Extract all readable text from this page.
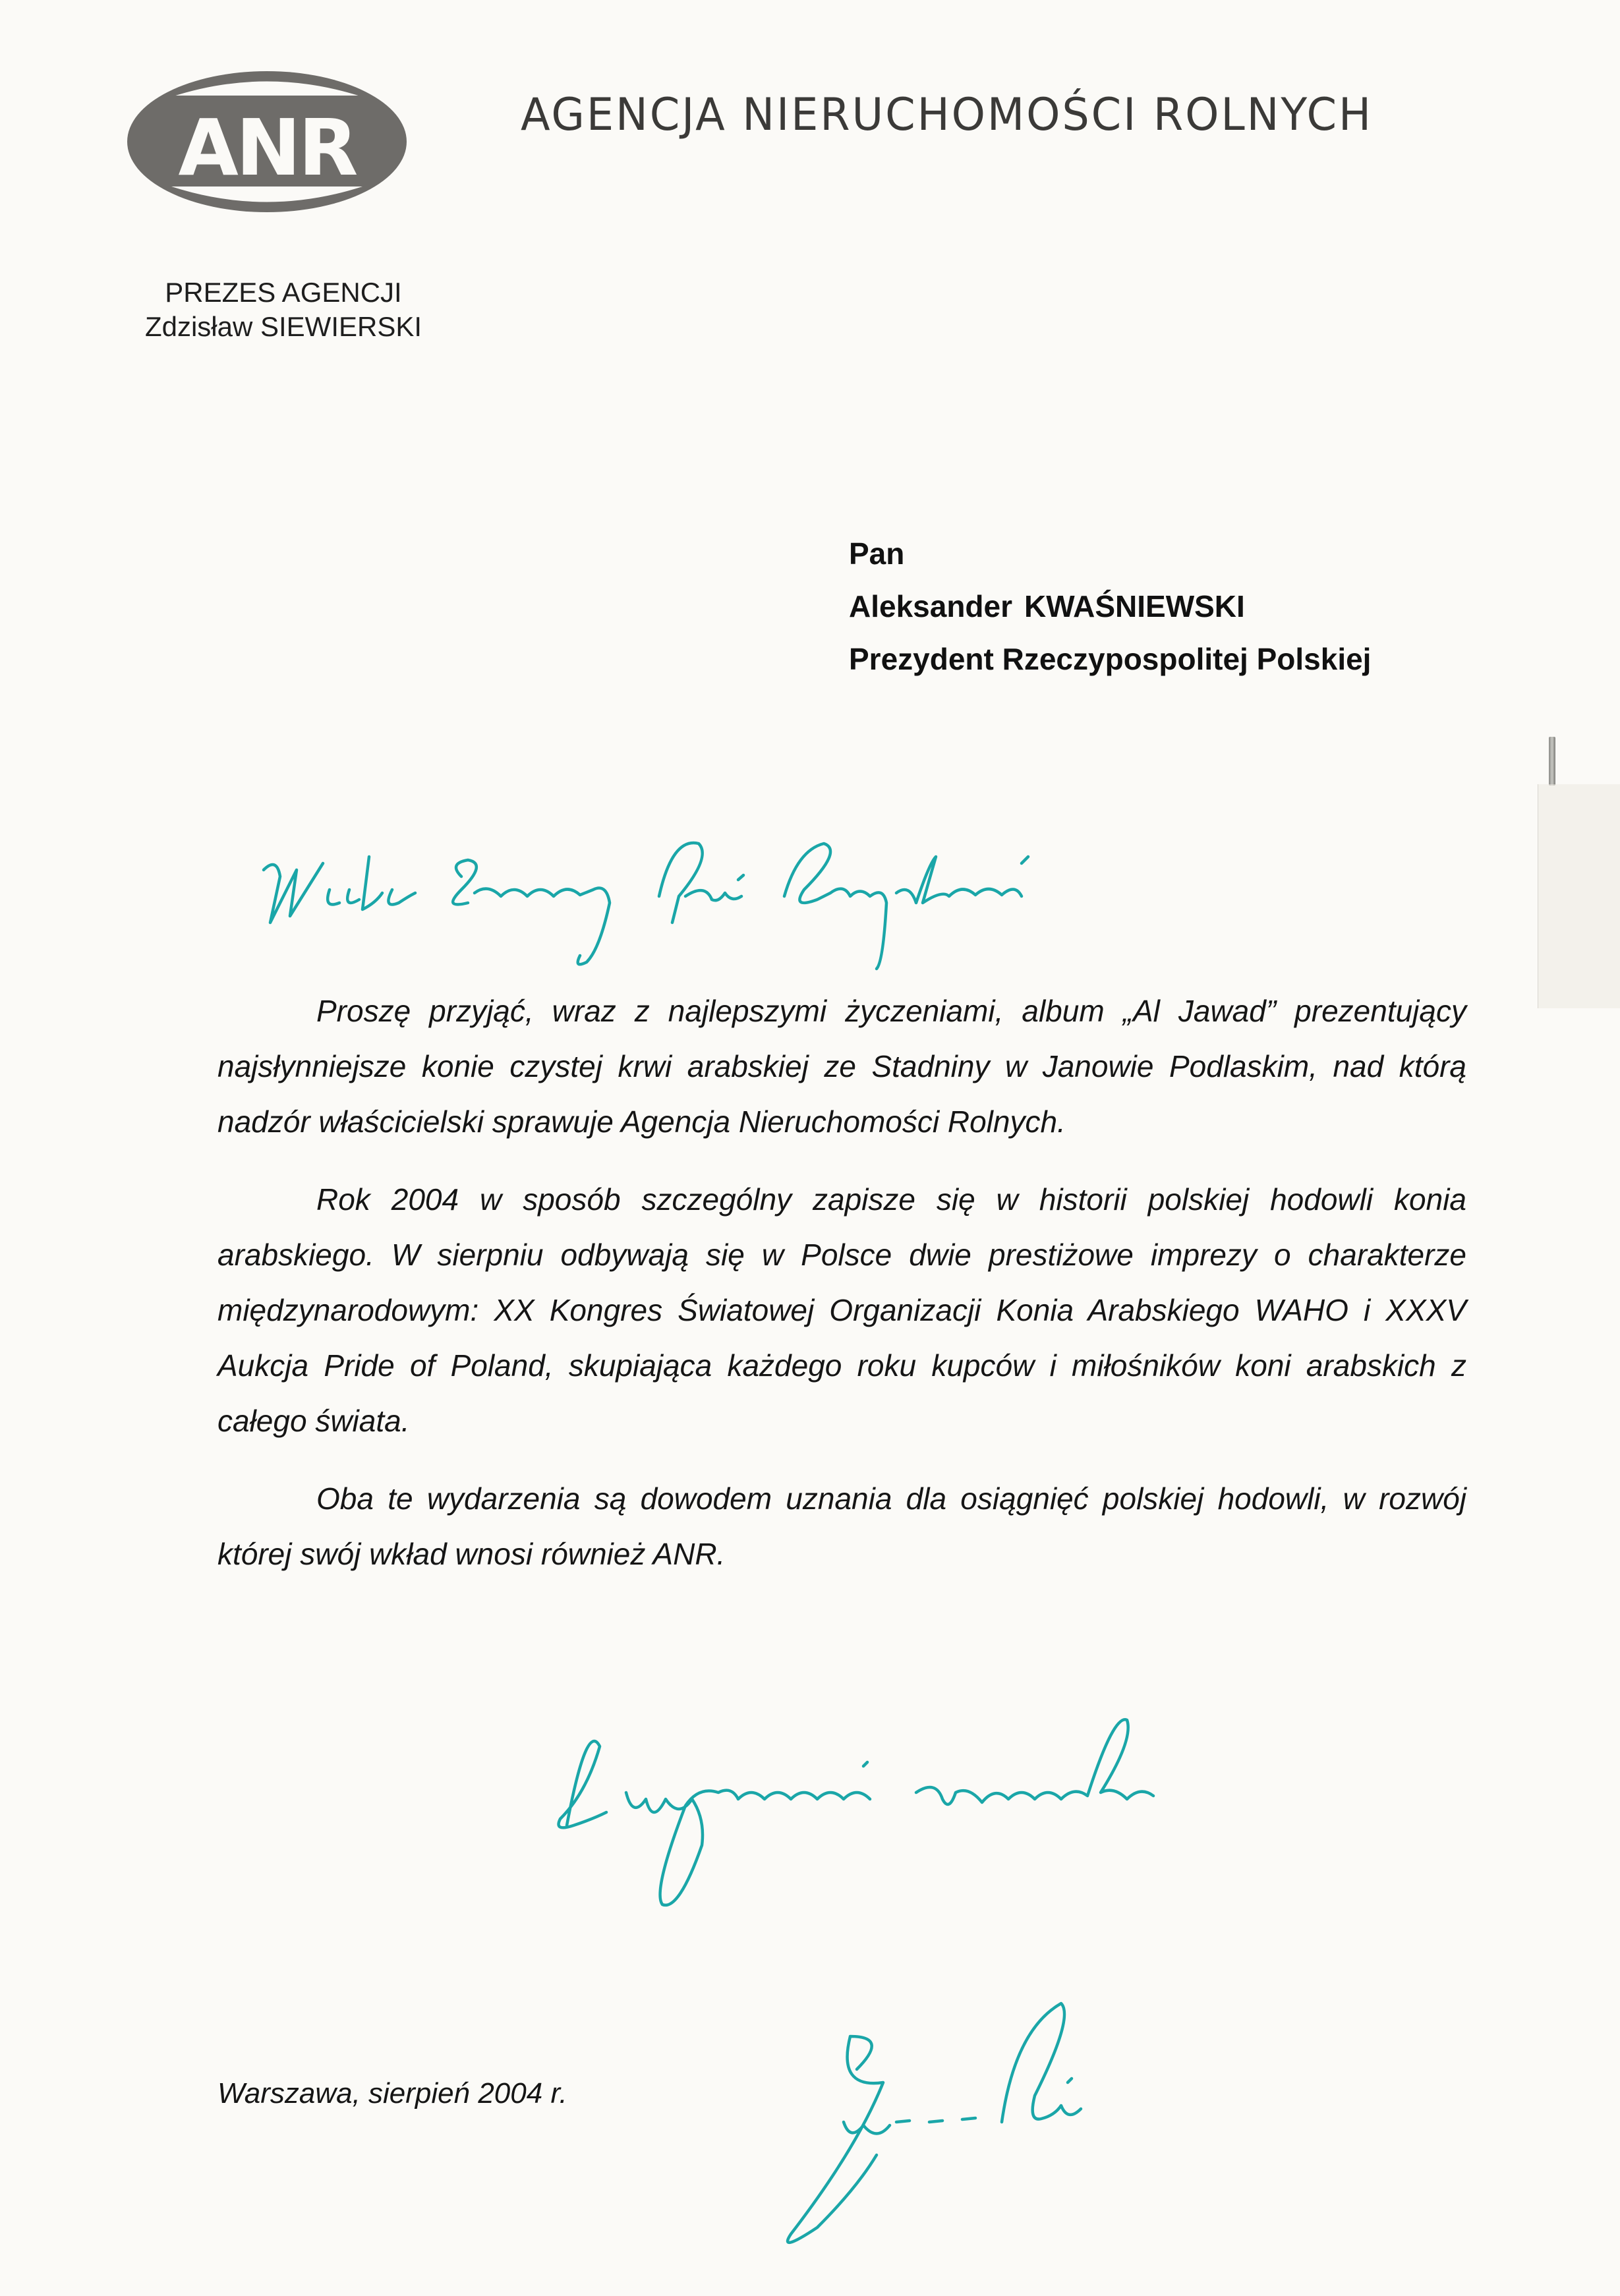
ANR	AGENCJA NIERUCHOMOŚCI ROLNYCH
PREZES AGENCJI
Zdzisław SIEWIERSKI
Pan
Aleksander KWAŚNIEWSKI
Prezydent Rzeczypospolitej Polskiej

Proszę przyjąć, wraz z najlepszymi życzeniami, album „Al Jawad” prezentujący najsłynniejsze konie czystej krwi arabskiej ze Stadniny w Janowie Podlaskim, nad którą nadzór właścicielski sprawuje Agencja Nieruchomości Rolnych.

Rok 2004 w sposób szczególny zapisze się w historii polskiej hodowli konia arabskiego. W sierpniu odbywają się w Polsce dwie prestiżowe imprezy o charakterze międzynarodowym: XX Kongres Światowej Organizacji Konia Arabskiego WAHO i XXXV Aukcja Pride of Poland, skupiająca każdego roku kupców i miłośników koni arabskich z całego świata.

Oba te wydarzenia są dowodem uznania dla osiągnięć polskiej hodowli, w rozwój której swój wkład wnosi również ANR.

Warszawa, sierpień 2004 r.
